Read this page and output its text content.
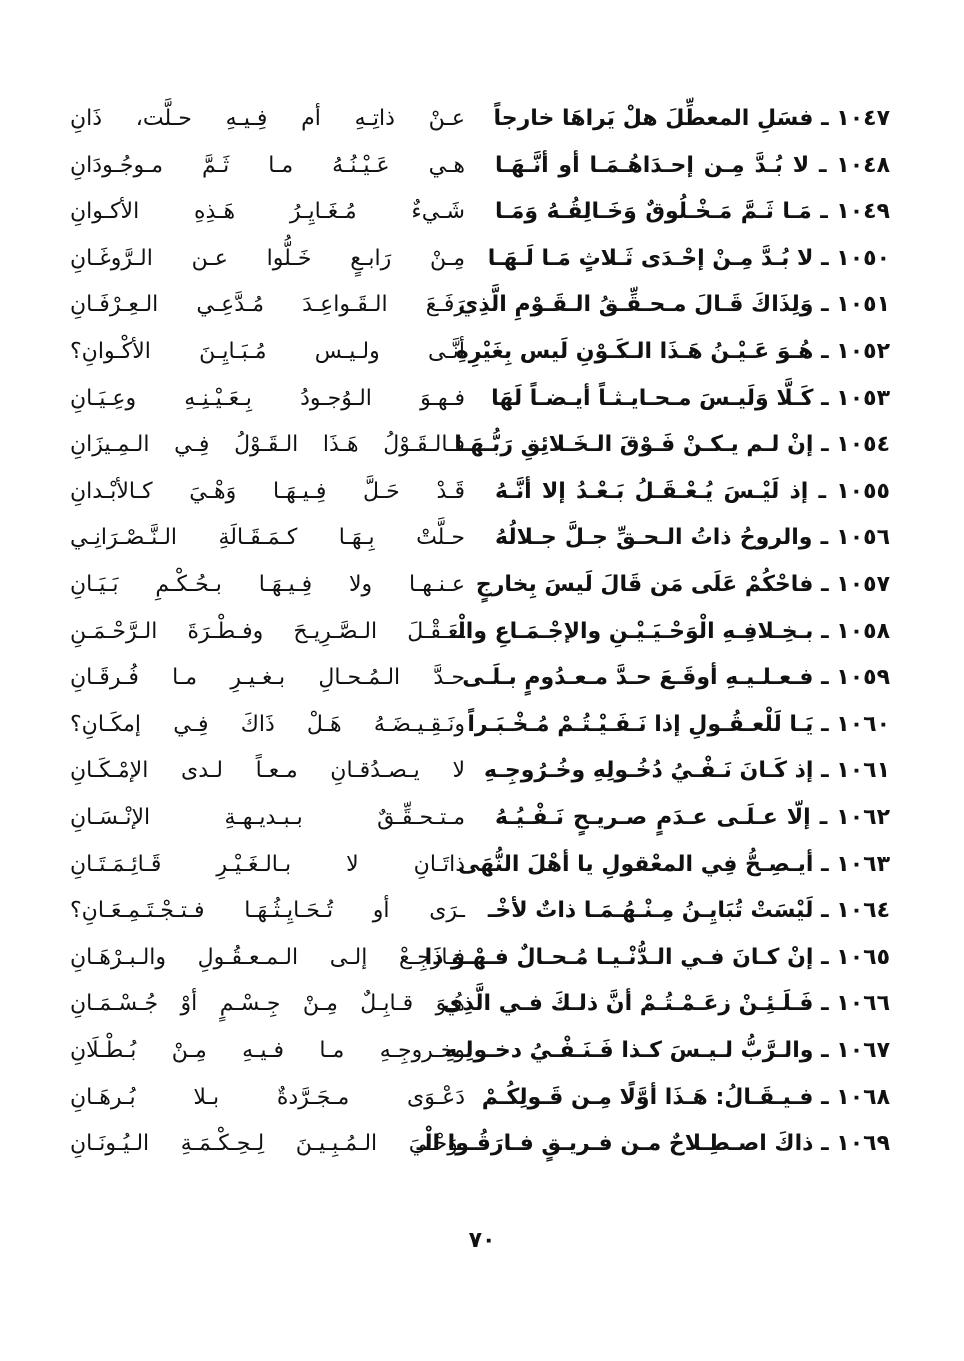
١٠٤٧ ـ فسَلِ المعطِّلَ هلْ يَراهَا خارجاً
عـنْ ذاتِـهِ أم فِـيـهِ حـلَّت، ذَانِ
١٠٤٨ ـ لا بُـدَّ مِـن إحـدَاهُـمَـا أو أنَّـهَـا
هـي عَـيْـنُـهُ مـا ثَـمَّ مـوجُـودَانِ
١٠٤٩ ـ مَـا ثَـمَّ مَـخْـلُوقٌ وَخَـالِقُـهُ وَمَـا
شَـيءٌ مُـغَـايِـرُ هَـذِهِ الأكـوانِ
١٠٥٠ ـ لا بُـدَّ مِـنْ إحْـدَى ثَـلاثٍ مَـا لَـهَـا
مِـنْ رَابـعٍ خَـلُّوا عـن الـرَّوغَـانِ
١٠٥١ ـ وَلِذَاكَ قَـالَ مـحـقِّـقُ الـقَـوْمِ الَّذِي
رَفَـعَ الـقَـواعِـدَ مُـدَّعِـي الـعِـرْفَـانِ
١٠٥٢ ـ هُـوَ عَـيْـنُ هَـذَا الـكَـوْنِ لَيس بِغَيْرِهِ
أنَّـى ولـيـس مُـبَـايِـنَ الأكْـوانِ؟
١٠٥٣ ـ كَـلَّا وَلَيـسَ مـحـايـثـاً أيـضـاً لَهَا
فـهـوَ الـوُجـودُ بِـعَـيْـنِـهِ وعِـيَـانِ
١٠٥٤ ـ إنْ لـم يـكـنْ فَـوْقَ الـخَـلائِقِ رَبُّـهَـا
فـالـقَـوْلُ هَـذَا الـقَـوْلُ فِـي الـمِـيزَانِ
١٠٥٥ ـ إذ لَيْـسَ يُـعْـقَـلُ بَـعْـدُ إلا أنَّـهُ
قَـدْ حَـلَّ فِـيـهَـا وَهْـيَ كـالأبْـدانِ
١٠٥٦ ـ والروحُ ذاتُ الـحـقِّ جـلَّ جـلالُهُ
حـلَّتْ بِـهَـا كـمَـقَـالَةِ الـنَّـصْـرَانِـي
١٠٥٧ ـ فاحْكُمْ عَلَى مَن قَالَ لَيسَ بِخارجٍ
عـنـهـا ولا فِـيـهَـا بـحُـكْـمِ بَـيَـانِ
١٠٥٨ ـ بـخِـلافِـهِ الْوَحْـيَـيْـنِ والإجْـمَـاعِ والْـ
ـعَـقْـلَ الـصَّـرِيـحَ وفـطْـرَةَ الـرَّحْـمَـنِ
١٠٥٩ ـ فـعـلـيـهِ أوقَـعَ حـدَّ مـعـدُومٍ بـلَـى
حـدَّ الـمُـحـالِ بـغـيـرِ مـا فُـرقَـانِ
١٠٦٠ ـ يَـا لَلْعـقُـولِ إذا نَـفَـيْـتُـمْ مُـخْـبَـراً
ونَـقِـيـضَـهُ هَـلْ ذَاكَ فِـي إمكَـانِ؟
١٠٦١ ـ إذ كَـانَ نَـفْـيُ دُخُـولِهِ وخُـرُوجِـهِ
لا يـصـدُقـانِ مـعـاً لـدى الإمْـكَـانِ
١٠٦٢ ـ إلّا عـلَـى عـدَمٍ صـريـحٍ نَـفْـيُـهُ
مـتـحـقِّـقٌ بـبـديـهـةِ الإنْـسَـانِ
١٠٦٣ ـ أيـصِـحُّ فِي المعْقولِ يا أهْلَ النُّهَى
ذاتَـانِ لا بـالـغَـيْـرِ قَـائِـمَـتَـانِ
١٠٦٤ ـ لَيْسَتْ تُبَايِـنُ مِـنْـهُـمَـا ذاتٌ لأخْـ
ـرَى أو تُـحَـايِـثُـهَـا فـتـجْـتَـمِـعَـانِ؟
١٠٦٥ ـ إنْ كـانَ فـي الـدُّنْـيـا مُـحـالٌ فـهْـوَ ذَا
فـارجِـعْ إلـى الـمـعـقُـولِ والـبـرْهَـانِ
١٠٦٦ ـ فَـلَـئِـنْ زعَـمْـتُـمْ أنَّ ذلـكَ فـي الَّذِي
هُـوَ قـابِـلٌ مِـنْ جِـسْـمٍ أوْ جُـسْـمَـانِ
١٠٦٧ ـ والـرَّبُّ لـيـسَ كـذا فَـنَـفْـيُ دخـولِـهِ
وخـروجِـهِ مـا فـيـهِ مِـنْ بُـطْـلَانِ
١٠٦٨ ـ فـيـقَـالُ: هَـذَا أوَّلًا مِـن قَـولِكُـمْ
دَعْـوَى مـجَـرَّدةٌ بـلا بُـرهَـانِ
١٠٦٩ ـ ذاكَ اصـطِـلاحٌ مـن فـريـقٍ فـارَقُـوا الْـ
ـوَحْـيَ الـمُـبِـيـنَ لِـحِـكْـمَـةِ الـيُـونَـانِ
٧٠
